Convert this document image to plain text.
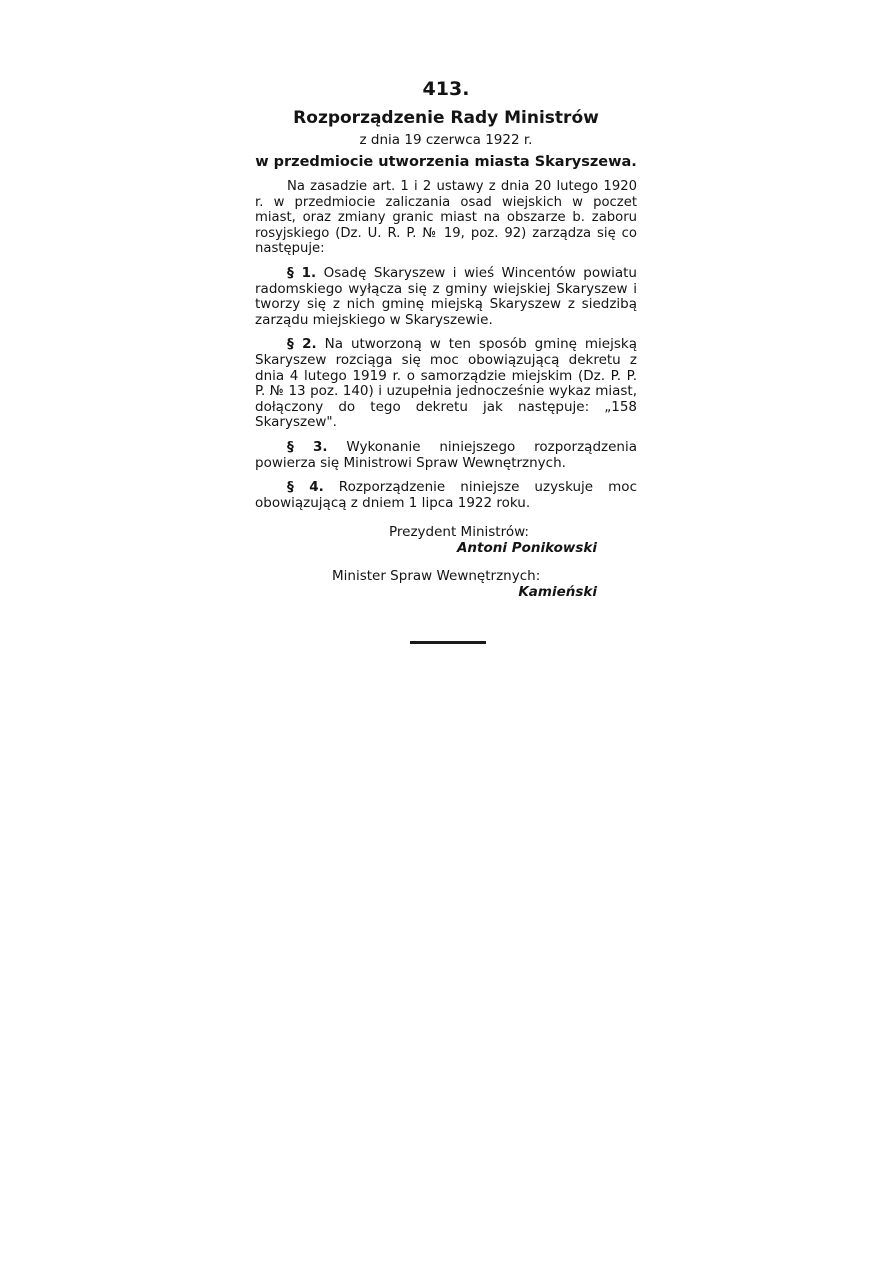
413.
Rozporządzenie Rady Ministrów
z dnia 19 czerwca 1922 r.
w przedmiocie utworzenia miasta Skaryszewa.

Na zasadzie art. 1 i 2 ustawy z dnia 20 lutego 1920 r. w przedmiocie zaliczania osad wiejskich w poczet miast, oraz zmiany granic miast na obszarze b. zaboru rosyjskiego (Dz. U. R. P. № 19, poz. 92) zarządza się co następuje:

§ 1. Osadę Skaryszew i wieś Wincentów powiatu radomskiego wyłącza się z gminy wiejskiej Skaryszew i tworzy się z nich gminę miejską Skaryszew z siedzibą zarządu miejskiego w Skaryszewie.

§ 2. Na utworzoną w ten sposób gminę miejską Skaryszew rozciąga się moc obowiązującą dekretu z dnia 4 lutego 1919 r. o samorządzie miejskim (Dz. P. P. P. № 13 poz. 140) i uzupełnia jednocześnie wykaz miast, dołączony do tego dekretu jak następuje: „158 Skaryszew".

§ 3. Wykonanie niniejszego rozporządzenia powierza się Ministrowi Spraw Wewnętrznych.

§ 4. Rozporządzenie niniejsze uzyskuje moc obowiązującą z dniem 1 lipca 1922 roku.

Prezydent Ministrów:
Antoni Ponikowski
Minister Spraw Wewnętrznych:
Kamieński
